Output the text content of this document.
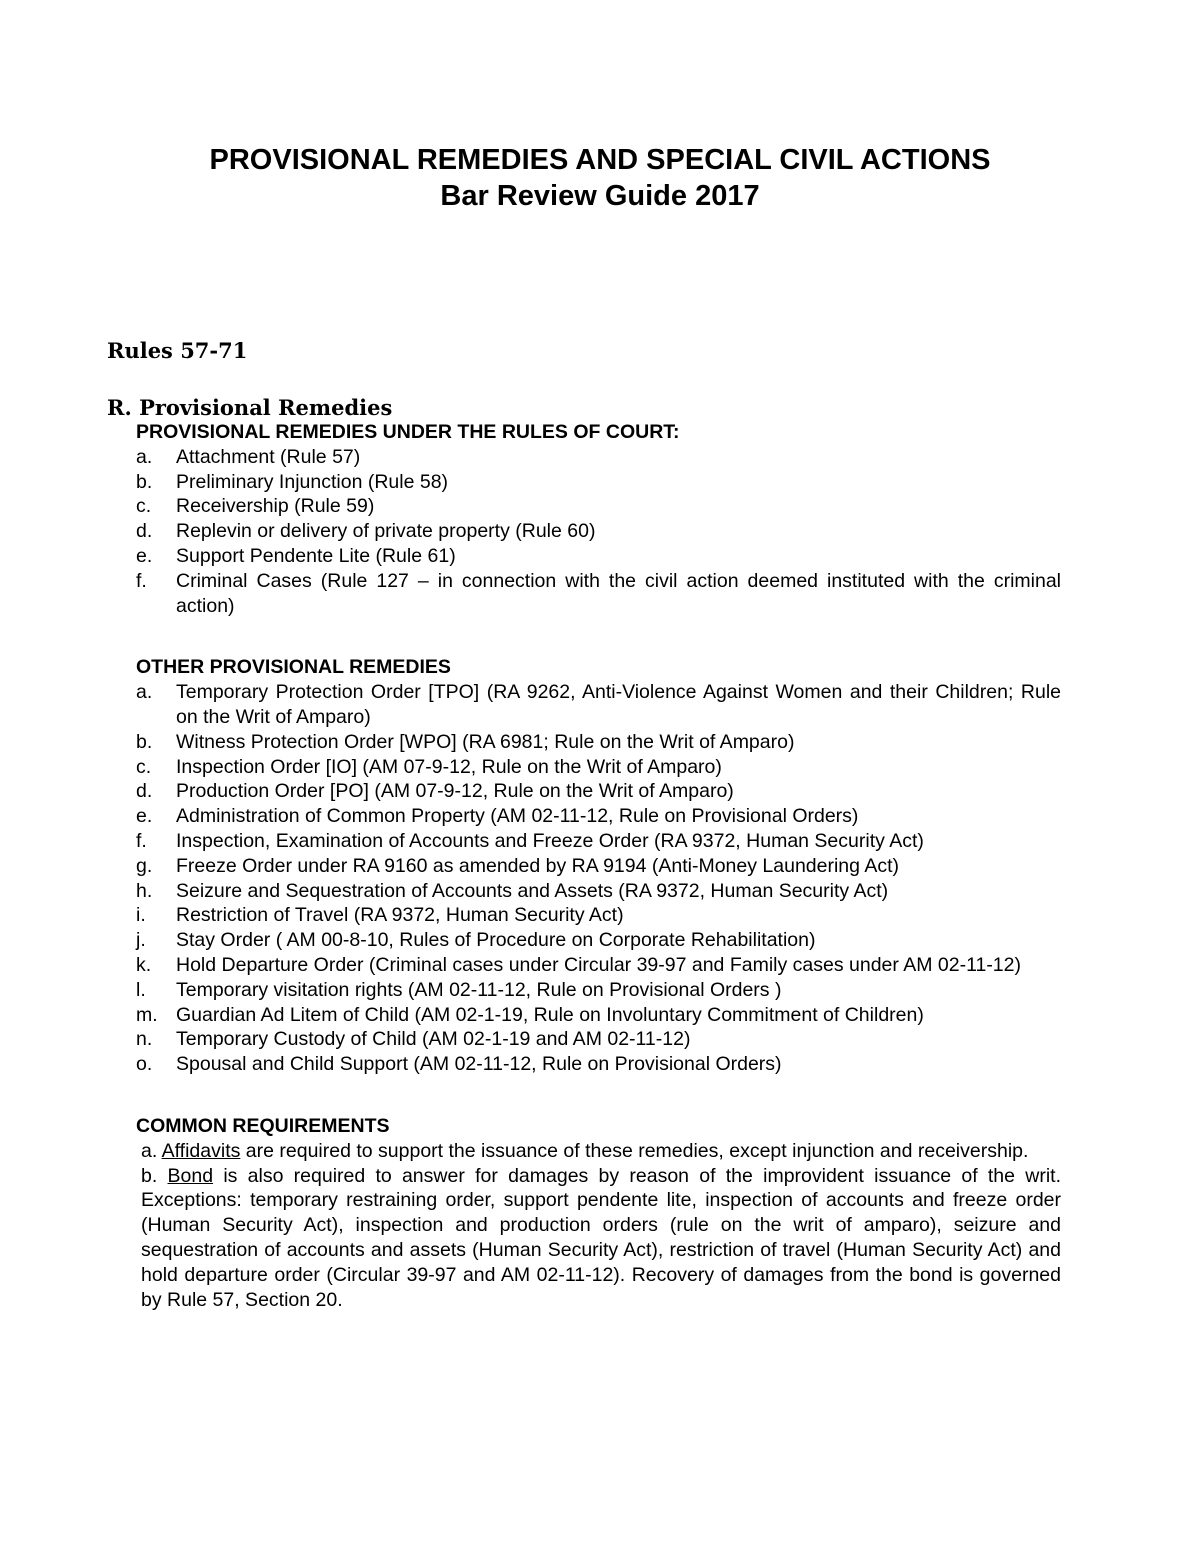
PROVISIONAL REMEDIES AND SPECIAL CIVIL ACTIONS
Bar Review Guide 2017
Rules 57-71
R. Provisional Remedies
PROVISIONAL REMEDIES UNDER THE RULES OF COURT:
a. Attachment (Rule 57)
b. Preliminary Injunction (Rule 58)
c. Receivership (Rule 59)
d. Replevin or delivery of private property (Rule 60)
e. Support Pendente Lite (Rule 61)
f. Criminal Cases (Rule 127 – in connection with the civil action deemed instituted with the criminal action)
OTHER PROVISIONAL REMEDIES
a. Temporary Protection Order [TPO] (RA 9262, Anti-Violence Against Women and their Children; Rule on the Writ of Amparo)
b. Witness Protection Order [WPO] (RA 6981; Rule on the Writ of Amparo)
c. Inspection Order [IO] (AM 07-9-12, Rule on the Writ of Amparo)
d. Production Order [PO] (AM 07-9-12, Rule on the Writ of Amparo)
e. Administration of Common Property (AM 02-11-12, Rule on Provisional Orders)
f. Inspection, Examination of Accounts and Freeze Order (RA 9372, Human Security Act)
g. Freeze Order under RA 9160 as amended by RA 9194 (Anti-Money Laundering Act)
h. Seizure and Sequestration of Accounts and Assets (RA 9372, Human Security Act)
i. Restriction of Travel (RA 9372, Human Security Act)
j. Stay Order ( AM 00-8-10, Rules of Procedure on Corporate Rehabilitation)
k. Hold Departure Order (Criminal cases under Circular 39-97 and Family cases under AM 02-11-12)
l. Temporary visitation rights (AM 02-11-12, Rule on Provisional Orders )
m. Guardian Ad Litem of Child (AM 02-1-19, Rule on Involuntary Commitment of Children)
n. Temporary Custody of Child (AM 02-1-19 and AM 02-11-12)
o. Spousal and Child Support (AM 02-11-12, Rule on Provisional Orders)
COMMON REQUIREMENTS
a. Affidavits are required to support the issuance of these remedies, except injunction and receivership.
b. Bond is also required to answer for damages by reason of the improvident issuance of the writ. Exceptions: temporary restraining order, support pendente lite, inspection of accounts and freeze order (Human Security Act), inspection and production orders (rule on the writ of amparo), seizure and sequestration of accounts and assets (Human Security Act), restriction of travel (Human Security Act) and hold departure order (Circular 39-97 and AM 02-11-12). Recovery of damages from the bond is governed by Rule 57, Section 20.
